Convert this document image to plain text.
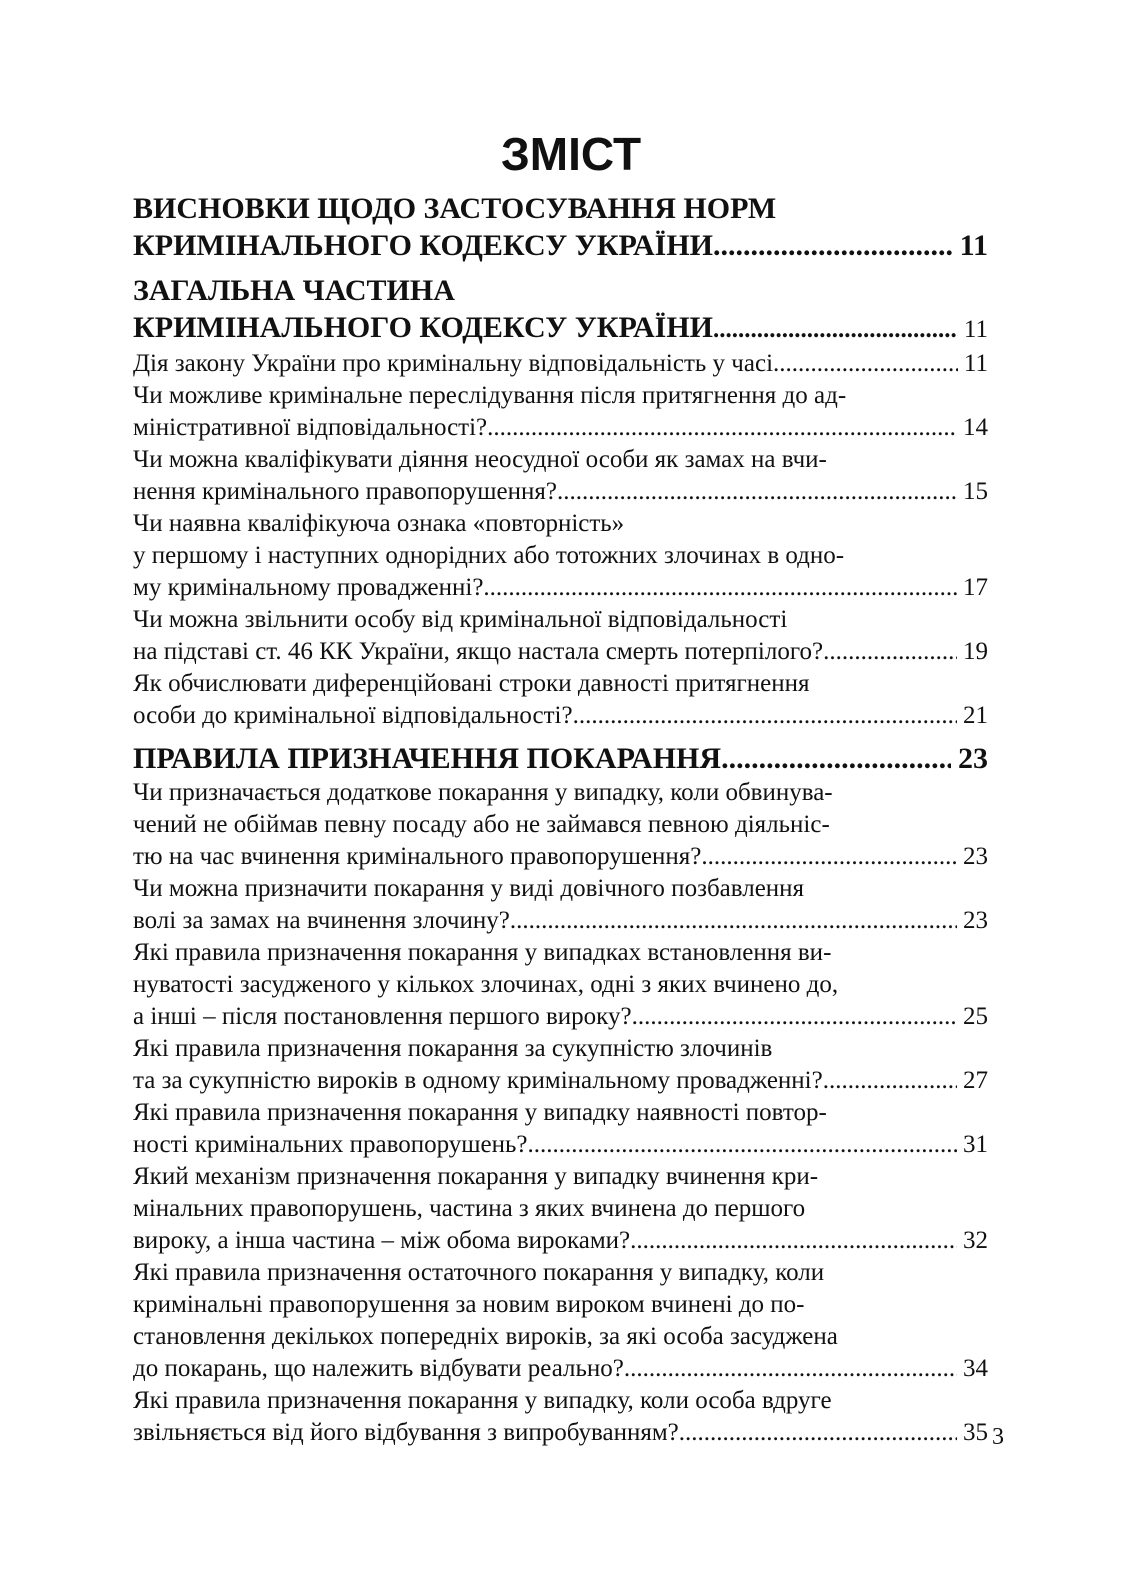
ЗМІСТ
ВИСНОВКИ ЩОДО ЗАСТОСУВАННЯ НОРМ
КРИМІНАЛЬНОГО КОДЕКСУ УКРАЇНИ .....	11
ЗАГАЛЬНА ЧАСТИНА
КРИМІНАЛЬНОГО КОДЕКСУ УКРАЇНИ .....	11
Дія закону України про кримінальну відповідальність у часі .....	11
Чи можливе кримінальне переслідування після притягнення до ад-
міністративної відповідальності? .....	14
Чи можна кваліфікувати діяння неосудної особи як замах на вчи-
нення кримінального правопорушення? .....	15
Чи наявна кваліфікуюча ознака «повторність»
у першому і наступних однорідних або тотожних злочинах в одно-
му кримінальному провадженні? .....	17
Чи можна звільнити особу від кримінальної відповідальності
на підставі ст. 46 КК України, якщо настала смерть потерпілого? .....	19
Як обчислювати диференційовані строки давності притягнення
особи до кримінальної відповідальності? .....	21
ПРАВИЛА ПРИЗНАЧЕННЯ ПОКАРАННЯ .....	23
Чи призначається додаткове покарання у випадку, коли обвинува-
чений не обіймав певну посаду або не займався певною діяльніс-
тю на час вчинення кримінального правопорушення? .....	23
Чи можна призначити покарання у виді довічного позбавлення
волі за замах на вчинення злочину? .....	23
Які правила призначення покарання у випадках встановлення ви-
нуватості засудженого у кількох злочинах, одні з яких вчинено до,
а інші – після постановлення першого вироку? .....	25
Які правила призначення покарання за сукупністю злочинів
та за сукупністю вироків в одному кримінальному провадженні? .....	27
Які правила призначення покарання у випадку наявності повтор-
ності кримінальних правопорушень? .....	31
Який механізм призначення покарання у випадку вчинення кри-
мінальних правопорушень, частина з яких вчинена до першого
вироку, а інша частина – між обома вироками? .....	32
Які правила призначення остаточного покарання у випадку, коли
кримінальні правопорушення за новим вироком вчинені до по-
становлення декількох попередніх вироків, за які особа засуджена
до покарань, що належить відбувати реально? .....	34
Які правила призначення покарання у випадку, коли особа вдруге
звільняється від його відбування з випробуванням? .....	35 3
